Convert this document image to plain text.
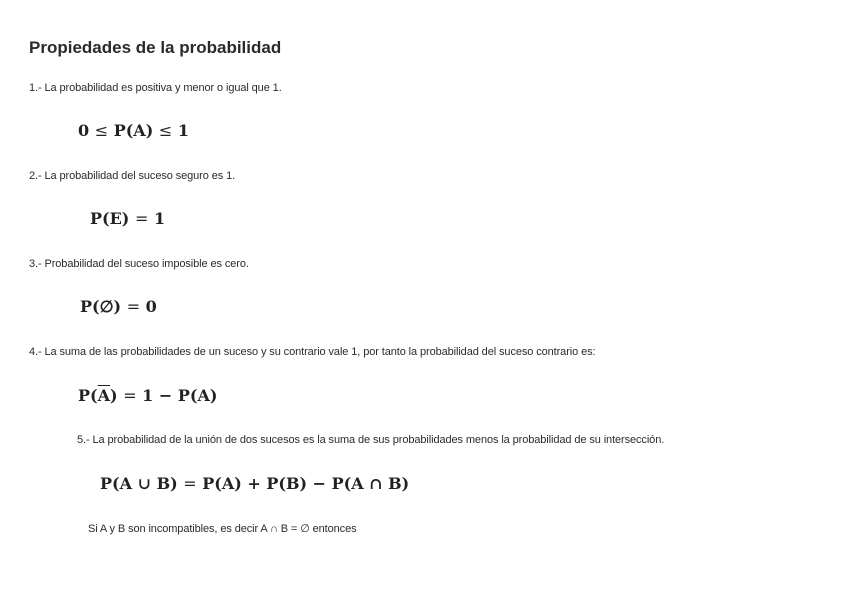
Propiedades de la probabilidad
1.- La probabilidad es positiva y menor o igual que 1.
0 ≤ P(A) ≤ 1
2.- La probabilidad del suceso seguro es 1.
P(E) = 1
3.- Probabilidad del suceso imposible es cero.
P(∅) = 0
4.- La suma de las probabilidades de un suceso y su contrario vale 1, por tanto la probabilidad del suceso contrario es:
$P(\overline{A}) = 1 - P(A)$
5.- La probabilidad de la unión de dos sucesos es la suma de sus probabilidades menos la probabilidad de su intersección.
P(A ∪ B) = P(A) + P(B) − P(A ∩ B)
Si A y B son incompatibles, es decir A ∩ B = ∅ entonces
